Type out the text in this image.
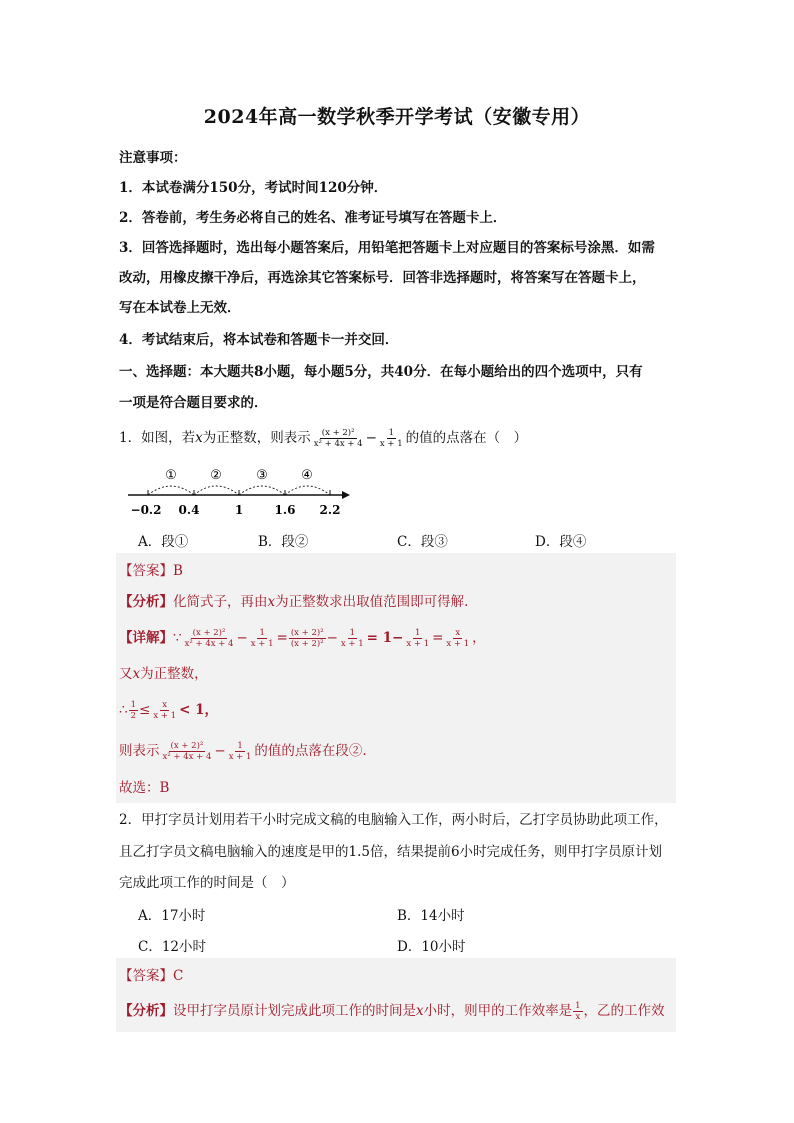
2024年高一数学秋季开学考试（安徽专用）
注意事项：
1．本试卷满分150分，考试时间120分钟．
2．答卷前，考生务必将自己的姓名、准考证号填写在答题卡上．
3．回答选择题时，选出每小题答案后，用铅笔把答题卡上对应题目的答案标号涂黑．如需
改动，用橡皮擦干净后，再选涂其它答案标号．回答非选择题时，将答案写在答题卡上，
写在本试卷上无效．
4．考试结束后，将本试卷和答题卡一并交回．
一、选择题：本大题共8小题，每小题5分，共40分．在每小题给出的四个选项中，只有
一项是符合题目要求的．
1．如图，若x为正整数，则表示 $\frac{\text{(x + 2)²}}{\text{x² + 4x + 4}} - \frac{1}{x + 1}$ 的值的点落在（　）
①	②	③	④
−0.2 0.4	1	1.6 2.2
A．段①	B．段②	C．段③	D．段④
【答案】B
【分析】化简式子，再由x为正整数求出取值范围即可得解.
【详解】∵ $\frac{\text{(x + 2)²}}{\text{x² + 4x + 4}} - \frac{1}{x + 1} = \frac{\text{(x + 2)²}}{\text{(x + 2)²}} - \frac{1}{x + 1} = 1- \frac{1}{x + 1} = \frac{x}{x + 1}$ ，
又x为正整数，
∴ $\frac{1}{2} \le \frac{x}{x + 1} < 1$，
则表示 $\frac{\text{(x + 2)²}}{\text{x² + 4x + 4}} - \frac{1}{x + 1}$ 的值的点落在段②.
故选：B
2．甲打字员计划用若干小时完成文稿的电脑输入工作，两小时后，乙打字员协助此项工作，
且乙打字员文稿电脑输入的速度是甲的1.5倍，结果提前6小时完成任务，则甲打字员原计划
完成此项工作的时间是（　）
A．17小时	B．14小时
C．12小时	D．10小时
【答案】C
【分析】设甲打字员原计划完成此项工作的时间是x小时，则甲的工作效率是 $\frac{1}{x}$ ，乙的工作效
